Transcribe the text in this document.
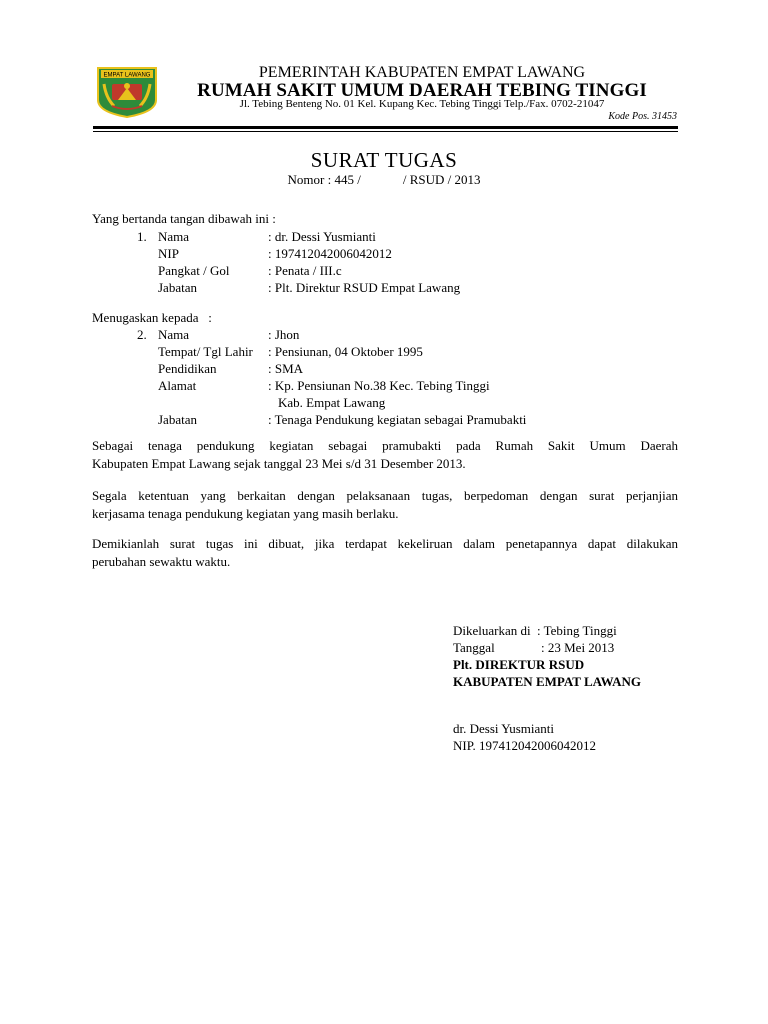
EMPAT LAWANG	PEMERINTAH KABUPATEN EMPAT LAWANG
RUMAH SAKIT UMUM DAERAH TEBING TINGGI
Jl. Tebing Benteng No. 01 Kel. Kupang Kec. Tebing Tinggi Telp./Fax. 0702-21047
Kode Pos. 31453
SURAT TUGAS
Nomor : 445 /	/ RSUD / 2013
Yang bertanda tangan dibawah ini :
1. Nama	: dr. Dessi Yusmianti
NIP	: 197412042006042012
Pangkat / Gol	: Penata / III.c
Jabatan	: Plt. Direktur RSUD Empat Lawang
Menugaskan kepada   :
2. Nama	: Jhon
Tempat/ Tgl Lahir : Pensiunan, 04 Oktober 1995
Pendidikan	: SMA
Alamat	: Kp. Pensiunan No.38 Kec. Tebing Tinggi
Kab. Empat Lawang
Jabatan	: Tenaga Pendukung kegiatan sebagai Pramubakti
Sebagai tenaga pendukung kegiatan sebagai pramubakti pada Rumah Sakit Umum Daerah
Kabupaten Empat Lawang sejak tanggal 23 Mei s/d 31 Desember 2013.
Segala ketentuan yang berkaitan dengan pelaksanaan tugas, berpedoman dengan surat perjanjian
kerjasama tenaga pendukung kegiatan yang masih berlaku.
Demikianlah surat tugas ini dibuat, jika terdapat kekeliruan dalam penetapannya dapat dilakukan
perubahan sewaktu waktu.
Dikeluarkan di : Tebing Tinggi
Tanggal	: 23 Mei 2013
Plt. DIREKTUR RSUD
KABUPATEN EMPAT LAWANG
dr. Dessi Yusmianti
NIP. 197412042006042012
